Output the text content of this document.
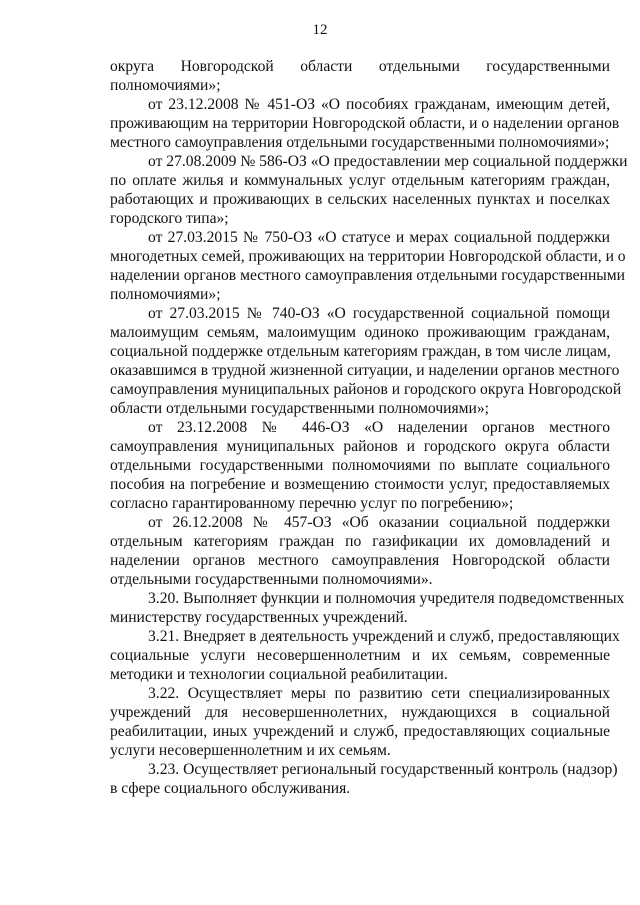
12
округа Новгородской области отдельными государственными
полномочиями»;
от 23.12.2008 № 451-ОЗ «О пособиях гражданам, имеющим детей,
проживающим на территории Новгородской области, и о наделении органов
местного самоуправления отдельными государственными полномочиями»;
от 27.08.2009 № 586-ОЗ «О предоставлении мер социальной поддержки
по оплате жилья и коммунальных услуг отдельным категориям граждан,
работающих и проживающих в сельских населенных пунктах и поселках
городского типа»;
от 27.03.2015 № 750-ОЗ «О статусе и мерах социальной поддержки
многодетных семей, проживающих на территории Новгородской области, и о
наделении органов местного самоуправления отдельными государственными
полномочиями»;
от 27.03.2015 № 740-ОЗ «О государственной социальной помощи
малоимущим семьям, малоимущим одиноко проживающим гражданам,
социальной поддержке отдельным категориям граждан, в том числе лицам,
оказавшимся в трудной жизненной ситуации, и наделении органов местного
самоуправления муниципальных районов и городского округа Новгородской
области отдельными государственными полномочиями»;
от 23.12.2008 № 446-ОЗ «О наделении органов местного
самоуправления муниципальных районов и городского округа области
отдельными государственными полномочиями по выплате социального
пособия на погребение и возмещению стоимости услуг, предоставляемых
согласно гарантированному перечню услуг по погребению»;
от 26.12.2008 № 457-ОЗ «Об оказании социальной поддержки
отдельным категориям граждан по газификации их домовладений и
наделении органов местного самоуправления Новгородской области
отдельными государственными полномочиями».
3.20. Выполняет функции и полномочия учредителя подведомственных
министерству государственных учреждений.
3.21. Внедряет в деятельность учреждений и служб, предоставляющих
социальные услуги несовершеннолетним и их семьям, современные
методики и технологии социальной реабилитации.
3.22. Осуществляет меры по развитию сети специализированных
учреждений для несовершеннолетних, нуждающихся в социальной
реабилитации, иных учреждений и служб, предоставляющих социальные
услуги несовершеннолетним и их семьям.
3.23. Осуществляет региональный государственный контроль (надзор)
в сфере социального обслуживания.
